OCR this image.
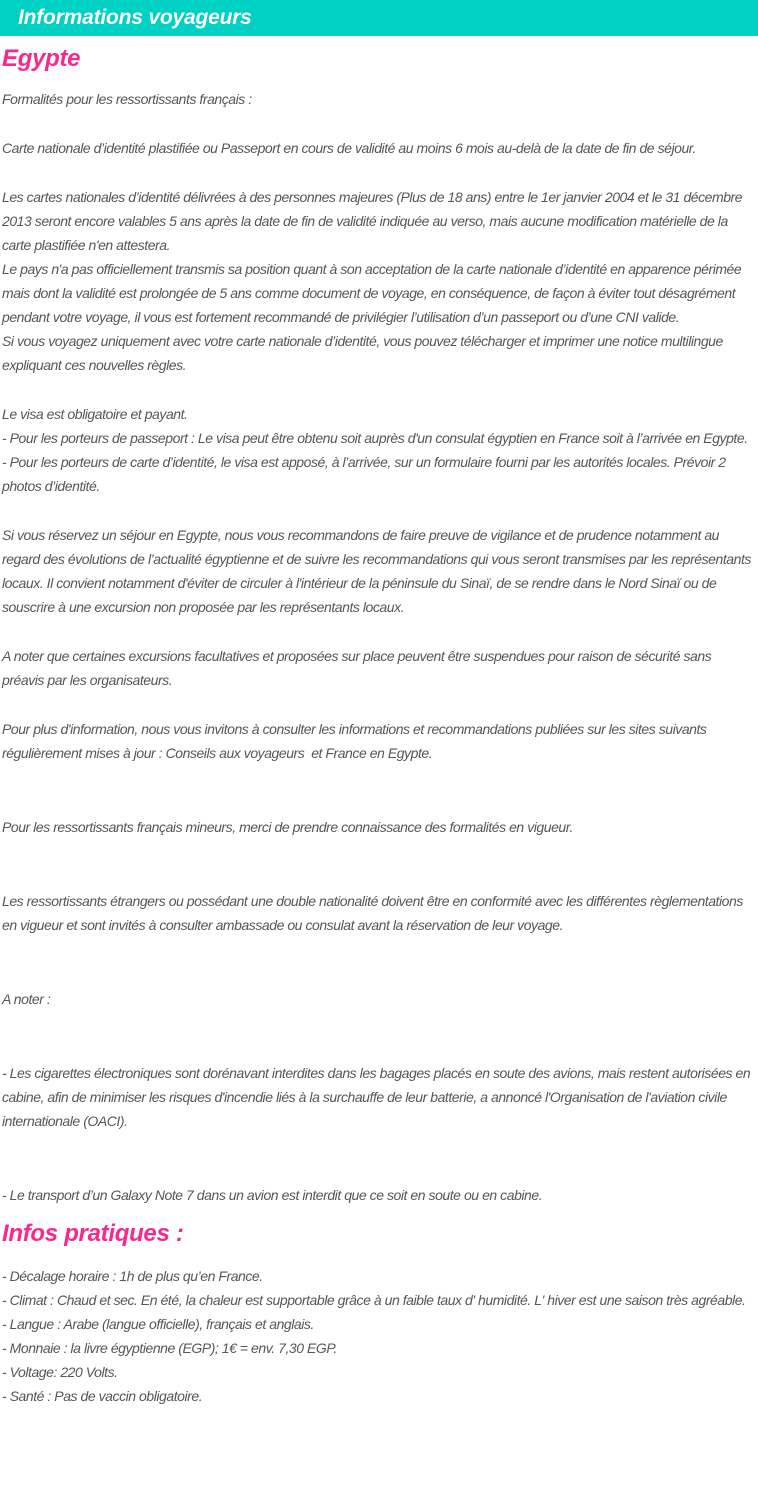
Informations voyageurs
Egypte

Formalités pour les ressortissants français :

Carte nationale d’identité plastifiée ou Passeport en cours de validité au moins 6 mois au-delà de la date de fin de séjour.

Les cartes nationales d’identité délivrées à des personnes majeures (Plus de 18 ans) entre le 1er janvier 2004 et le 31 décembre 2013 seront encore valables 5 ans après la date de fin de validité indiquée au verso, mais aucune modification matérielle de la carte plastifiée n'en attestera.

Le pays n'a pas officiellement transmis sa position quant à son acceptation de la carte nationale d’identité en apparence périmée mais dont la validité est prolongée de 5 ans comme document de voyage, en conséquence, de façon à éviter tout désagrément pendant votre voyage, il vous est fortement recommandé de privilégier l’utilisation d’un passeport ou d’une CNI valide.

Si vous voyagez uniquement avec votre carte nationale d’identité, vous pouvez télécharger et imprimer une notice multilingue expliquant ces nouvelles règles.

Le visa est obligatoire et payant.

- Pour les porteurs de passeport : Le visa peut être obtenu soit auprès d'un consulat égyptien en France soit à l’arrivée en Egypte.

- Pour les porteurs de carte d’identité, le visa est apposé, à l’arrivée, sur un formulaire fourni par les autorités locales. Prévoir 2 photos d’identité.

Si vous réservez un séjour en Egypte, nous vous recommandons de faire preuve de vigilance et de prudence notamment au regard des évolutions de l’actualité égyptienne et de suivre les recommandations qui vous seront transmises par les représentants locaux. Il convient notamment d'éviter de circuler à l'intérieur de la péninsule du Sinaï, de se rendre dans le Nord Sinaï ou de souscrire à une excursion non proposée par les représentants locaux.

A noter que certaines excursions facultatives et proposées sur place peuvent être suspendues pour raison de sécurité sans préavis par les organisateurs.

Pour plus d'information, nous vous invitons à consulter les informations et recommandations publiées sur les sites suivants  régulièrement mises à jour : Conseils aux voyageurs  et France en Egypte.

Pour les ressortissants français mineurs, merci de prendre connaissance des formalités en vigueur.

Les ressortissants étrangers ou possédant une double nationalité doivent être en conformité avec les différentes règlementations en vigueur et sont invités à consulter ambassade ou consulat avant la réservation de leur voyage.

A noter :

- Les cigarettes électroniques sont dorénavant interdites dans les bagages placés en soute des avions, mais restent autorisées en cabine, afin de minimiser les risques d'incendie liés à la surchauffe de leur batterie, a annoncé l'Organisation de l'aviation civile internationale (OACI).

- Le transport d’un Galaxy Note 7 dans un avion est interdit que ce soit en soute ou en cabine.

Infos pratiques :

- Décalage horaire : 1h de plus qu’en France.

- Climat : Chaud et sec. En été, la chaleur est supportable grâce à un faible taux d' humidité. L' hiver est une saison très agréable.

- Langue : Arabe (langue officielle), français et anglais.

- Monnaie : la livre égyptienne (EGP); 1€ = env. 7,30 EGP.

- Voltage: 220 Volts.

- Santé : Pas de vaccin obligatoire.
